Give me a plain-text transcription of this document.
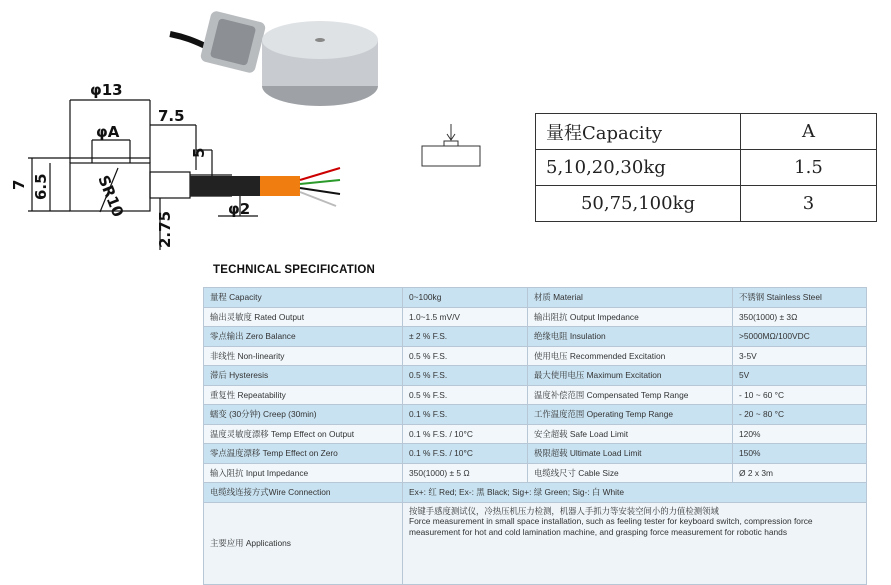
φ13
φA
7.5
5
7 6.5	SR10	φ2
2.75
量程Capacity	A
5,10,20,30kg	1.5
50,75,100kg	3
TECHNICAL SPECIFICATION
量程 Capacity	0~100kg	材质 Material	不锈钢 Stainless Steel
输出灵敏度 Rated Output	1.0~1.5 mV/V	输出阻抗 Output Impedance	350(1000) ± 3Ω
零点输出 Zero Balance	± 2 % F.S.	绝缘电阻 Insulation	>5000MΩ/100VDC
非线性 Non-linearity	0.5 % F.S.	使用电压 Recommended Excitation	3-5V
滞后 Hysteresis	0.5 % F.S.	最大使用电压 Maximum Excitation	5V
重复性 Repeatability	0.5 % F.S.	温度补偿范围 Compensated Temp Range	- 10 ~ 60 °C
蠕变 (30分钟) Creep (30min)	0.1 % F.S.	工作温度范围 Operating Temp Range	- 20 ~ 80 °C
温度灵敏度漂移 Temp Effect on Output	0.1 % F.S. / 10°C	安全超载 Safe Load Limit	120%
零点温度漂移 Temp Effect on Zero	0.1 % F.S. / 10°C	极限超载 Ultimate Load Limit	150%
输入阻抗 Input Impedance	350(1000) ± 5 Ω	电缆线尺寸 Cable Size	Ø 2 x 3m
电缆线连接方式Wire Connection	Ex+: 红 Red; Ex-: 黑 Black; Sig+: 绿 Green; Sig-: 白 White		
主要应用 Applications	按键手感度测试仪，冷热压机压力检测，机器人手抓力等安装空间小的力值检测领域
Force measurement in small space installation, such as feeling tester for keyboard switch, compression force measurement for hot and cold lamination machine, and grasping force measurement for robotic hands		
